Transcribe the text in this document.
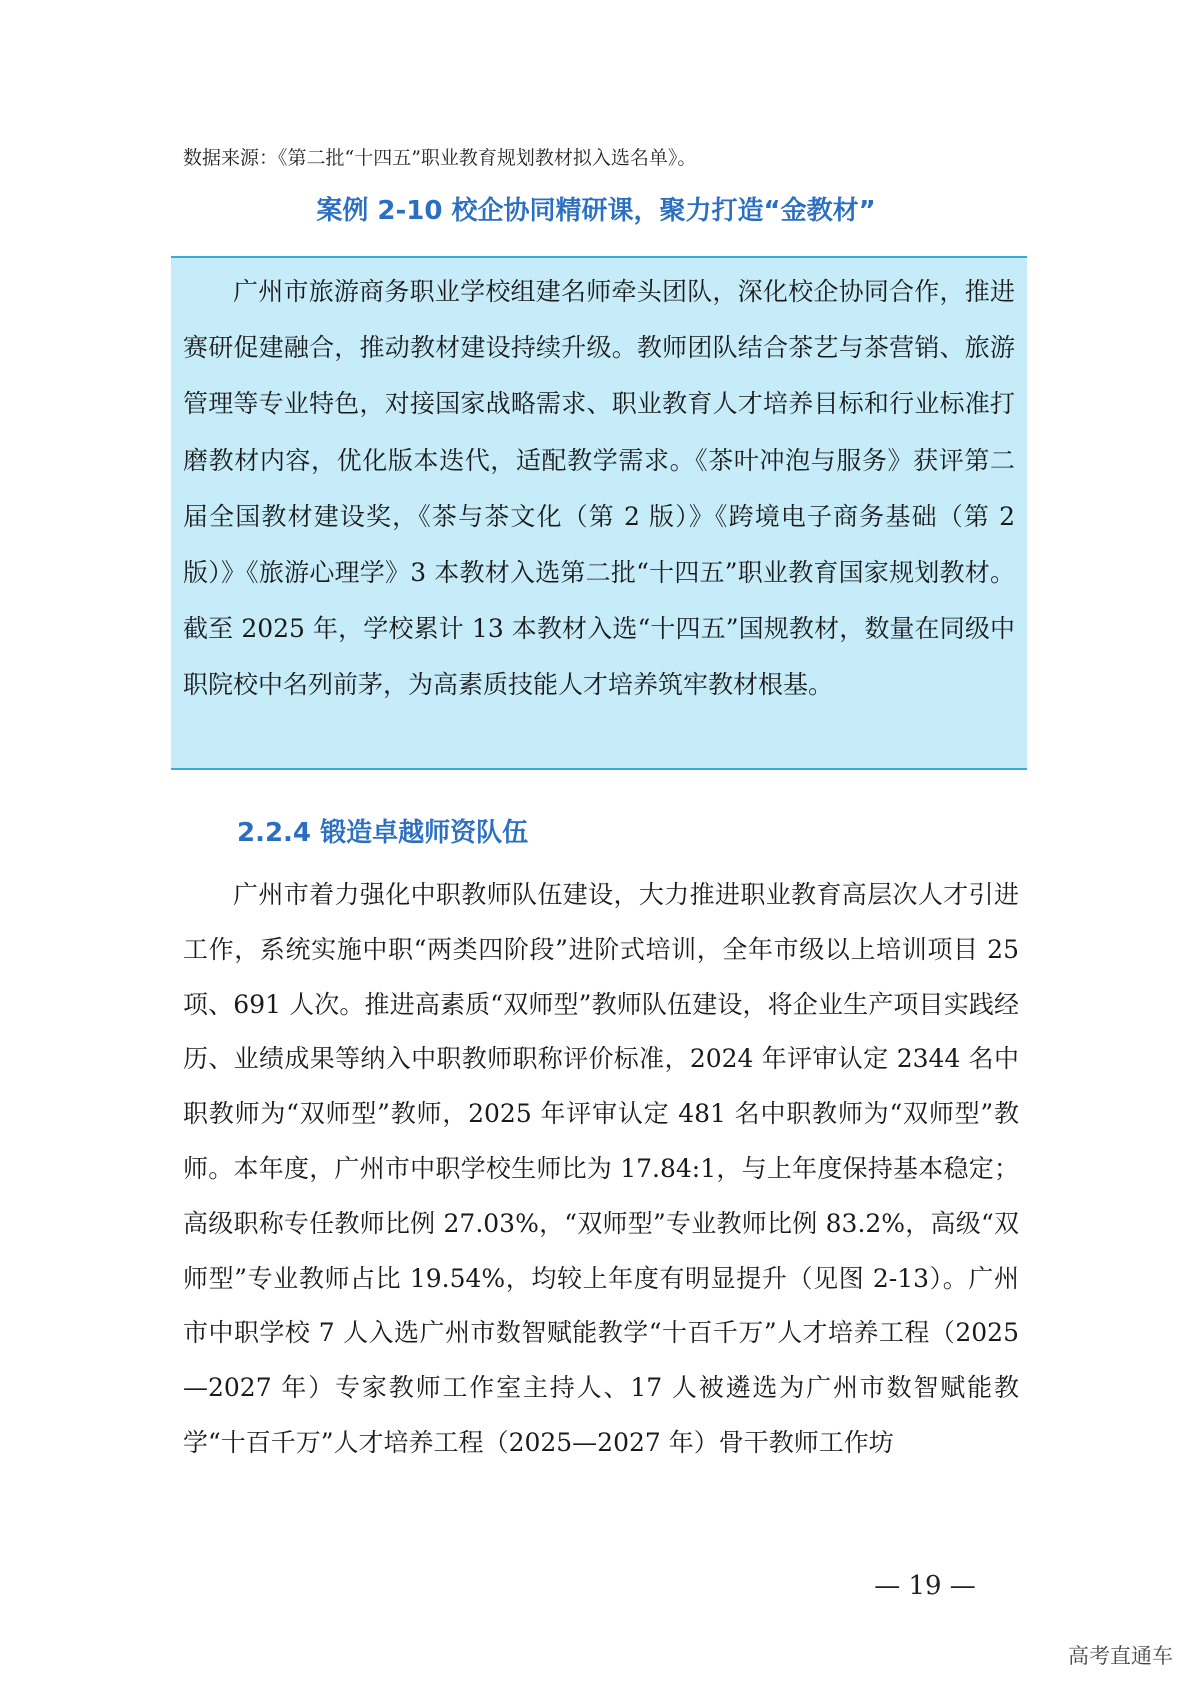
数据来源：《第二批“十四五”职业教育规划教材拟入选名单》。
案例 2-10 校企协同精研课，聚力打造“金教材”

广州市旅游商务职业学校组建名师牵头团队，深化校企协同合作，推进赛研促建融合，推动教材建设持续升级。教师团队结合茶艺与茶营销、旅游管理等专业特色，对接国家战略需求、职业教育人才培养目标和行业标准打磨教材内容，优化版本迭代，适配教学需求。《茶叶冲泡与服务》获评第二届全国教材建设奖，《茶与茶文化（第 2 版）》《跨境电子商务基础（第 2 版）》《旅游心理学》3 本教材入选第二批“十四五”职业教育国家规划教材。截至 2025 年，学校累计 13 本教材入选“十四五”国规教材，数量在同级中职院校中名列前茅，为高素质技能人才培养筑牢教材根基。

2.2.4 锻造卓越师资队伍

广州市着力强化中职教师队伍建设，大力推进职业教育高层次人才引进工作，系统实施中职“两类四阶段”进阶式培训，全年市级以上培训项目 25 项、691 人次。推进高素质“双师型”教师队伍建设，将企业生产项目实践经历、业绩成果等纳入中职教师职称评价标准，2024 年评审认定 2344 名中职教师为“双师型”教师，2025 年评审认定 481 名中职教师为“双师型”教师。本年度，广州市中职学校生师比为 17.84:1，与上年度保持基本稳定；高级职称专任教师比例 27.03%，“双师型”专业教师比例 83.2%，高级“双师型”专业教师占比 19.54%，均较上年度有明显提升（见图 2-13）。广州市中职学校 7 人入选广州市数智赋能教学“十百千万”人才培养工程（2025—2027 年）专家教师工作室主持人、17 人被遴选为广州市数智赋能教学“十百千万”人才培养工程（2025—2027 年）骨干教师工作坊

— 19 —
高考直通车
